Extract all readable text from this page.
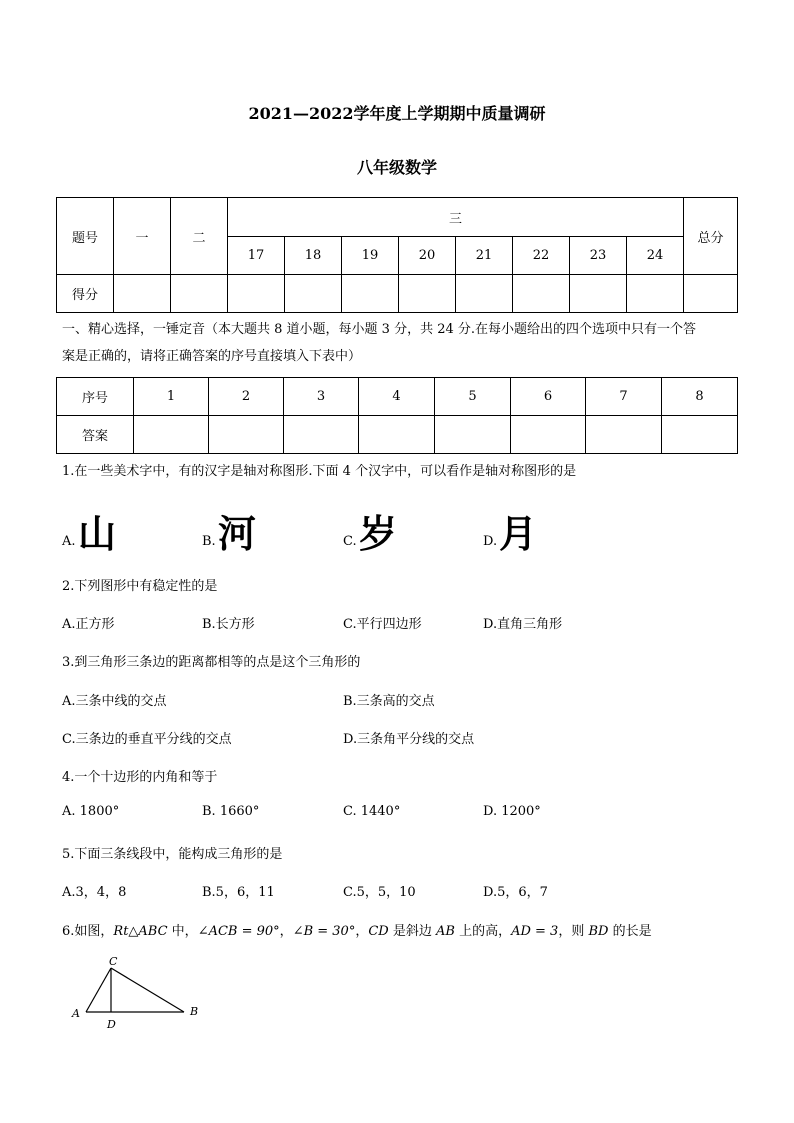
2021—2022学年度上学期期中质量调研
八年级数学
题号	一	二	三								总分
			17	18	19	20	21	22	23	24	
得分											
一、精心选择，一锤定音（本大题共 8 道小题，每小题 3 分，共 24 分.在每小题给出的四个选项中只有一个答
案是正确的，请将正确答案的序号直接填入下表中）
序号	1	2	3	4	5	6	7	8
答案								
1.在一些美术字中，有的汉字是轴对称图形.下面 4 个汉字中，可以看作是轴对称图形的是
A. 山	B. 河	C. 岁	D. 月
2.下列图形中有稳定性的是
A.正方形	B.长方形	C.平行四边形	D.直角三角形
3.到三角形三条边的距离都相等的点是这个三角形的
A.三条中线的交点	B.三条高的交点
C.三条边的垂直平分线的交点	D.三条角平分线的交点
4.一个十边形的内角和等于
A. 1800°	B. 1660°	C. 1440°	D. 1200°
5.下面三条线段中，能构成三角形的是
A.3，4，8	B.5，6，11	C.5，5，10	D.5，6，7
6.如图，Rt△ABC 中，∠ACB = 90°，∠B = 30°，CD 是斜边 AB 上的高，AD = 3，则 BD 的长是
C
A	B
D
